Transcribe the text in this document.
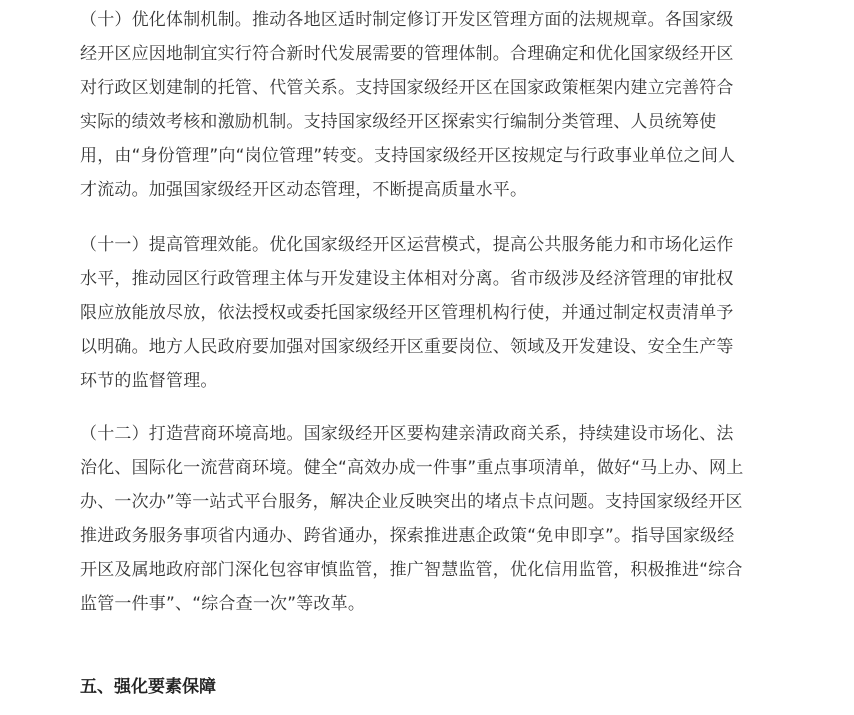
（十）优化体制机制。推动各地区适时制定修订开发区管理方面的法规规章。各国家级
经开区应因地制宜实行符合新时代发展需要的管理体制。合理确定和优化国家级经开区
对行政区划建制的托管、代管关系。支持国家级经开区在国家政策框架内建立完善符合
实际的绩效考核和激励机制。支持国家级经开区探索实行编制分类管理、人员统筹使
用，由“身份管理”向“岗位管理”转变。支持国家级经开区按规定与行政事业单位之间人
才流动。加强国家级经开区动态管理，不断提高质量水平。
（十一）提高管理效能。优化国家级经开区运营模式，提高公共服务能力和市场化运作
水平，推动园区行政管理主体与开发建设主体相对分离。省市级涉及经济管理的审批权
限应放能放尽放，依法授权或委托国家级经开区管理机构行使，并通过制定权责清单予
以明确。地方人民政府要加强对国家级经开区重要岗位、领域及开发建设、安全生产等
环节的监督管理。
（十二）打造营商环境高地。国家级经开区要构建亲清政商关系，持续建设市场化、法
治化、国际化一流营商环境。健全“高效办成一件事”重点事项清单，做好“马上办、网上
办、一次办”等一站式平台服务，解决企业反映突出的堵点卡点问题。支持国家级经开区
推进政务服务事项省内通办、跨省通办，探索推进惠企政策“免申即享”。指导国家级经
开区及属地政府部门深化包容审慎监管，推广智慧监管，优化信用监管，积极推进“综合
监管一件事”、“综合查一次”等改革。
五、强化要素保障
